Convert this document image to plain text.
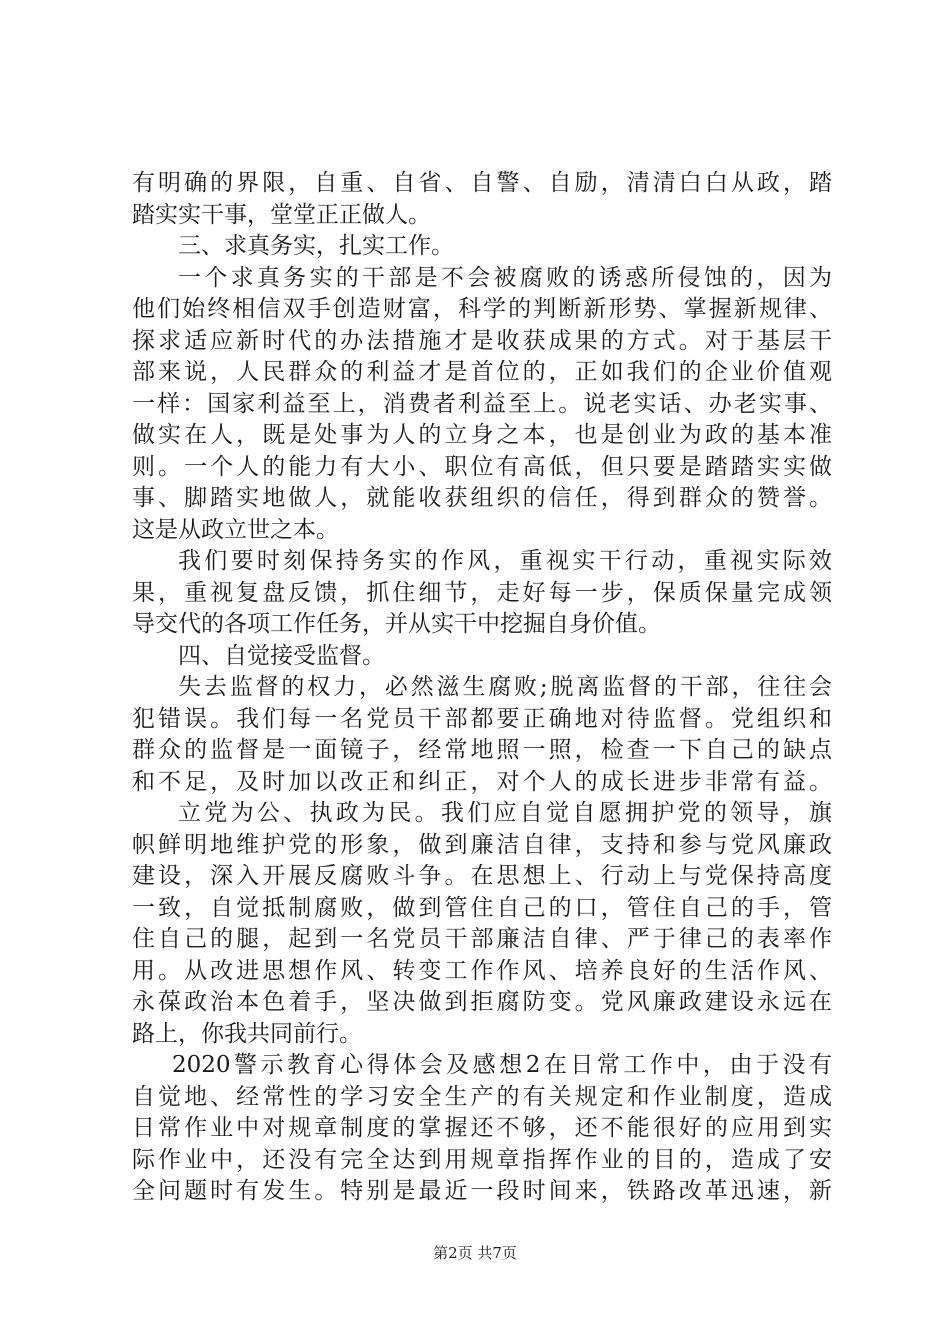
有明确的界限，自重、自省、自警、自励，清清白白从政，踏
踏实实干事，堂堂正正做人。
三、求真务实，扎实工作。
一个求真务实的干部是不会被腐败的诱惑所侵蚀的，因为
他们始终相信双手创造财富，科学的判断新形势、掌握新规律、
探求适应新时代的办法措施才是收获成果的方式。对于基层干
部来说，人民群众的利益才是首位的，正如我们的企业价值观
一样：国家利益至上，消费者利益至上。说老实话、办老实事、
做实在人，既是处事为人的立身之本，也是创业为政的基本准
则。一个人的能力有大小、职位有高低，但只要是踏踏实实做
事、脚踏实地做人，就能收获组织的信任，得到群众的赞誉。
这是从政立世之本。
我们要时刻保持务实的作风，重视实干行动，重视实际效
果，重视复盘反馈，抓住细节，走好每一步，保质保量完成领
导交代的各项工作任务，并从实干中挖掘自身价值。
四、自觉接受监督。
失去监督的权力，必然滋生腐败;脱离监督的干部，往往会
犯错误。我们每一名党员干部都要正确地对待监督。党组织和
群众的监督是一面镜子，经常地照一照，检查一下自己的缺点
和不足，及时加以改正和纠正，对个人的成长进步非常有益。
立党为公、执政为民。我们应自觉自愿拥护党的领导，旗
帜鲜明地维护党的形象，做到廉洁自律，支持和参与党风廉政
建设，深入开展反腐败斗争。在思想上、行动上与党保持高度
一致，自觉抵制腐败，做到管住自己的口，管住自己的手，管
住自己的腿，起到一名党员干部廉洁自律、严于律己的表率作
用。从改进思想作风、转变工作作风、培养良好的生活作风、
永葆政治本色着手，坚决做到拒腐防变。党风廉政建设永远在
路上，你我共同前行。
2020警示教育心得体会及感想2在日常工作中，由于没有
自觉地、经常性的学习安全生产的有关规定和作业制度，造成
日常作业中对规章制度的掌握还不够，还不能很好的应用到实
际作业中，还没有完全达到用规章指挥作业的目的，造成了安
全问题时有发生。特别是最近一段时间来，铁路改革迅速，新
第2页 共7页
